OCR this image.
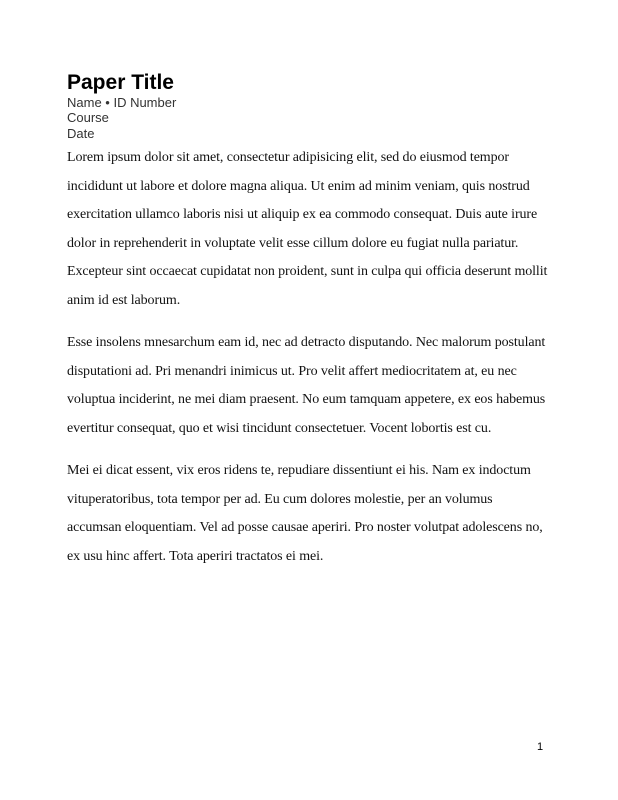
Paper Title
Name • ID Number
Course
Date
Lorem ipsum dolor sit amet, consectetur adipisicing elit, sed do eiusmod tempor
incididunt ut labore et dolore magna aliqua. Ut enim ad minim veniam, quis nostrud
exercitation ullamco laboris nisi ut aliquip ex ea commodo consequat. Duis aute irure
dolor in reprehenderit in voluptate velit esse cillum dolore eu fugiat nulla pariatur.
Excepteur sint occaecat cupidatat non proident, sunt in culpa qui officia deserunt mollit
anim id est laborum.
Esse insolens mnesarchum eam id, nec ad detracto disputando. Nec malorum postulant
disputationi ad. Pri menandri inimicus ut. Pro velit affert mediocritatem at, eu nec
voluptua inciderint, ne mei diam praesent. No eum tamquam appetere, ex eos habemus
evertitur consequat, quo et wisi tincidunt consectetuer. Vocent lobortis est cu.
Mei ei dicat essent, vix eros ridens te, repudiare dissentiunt ei his. Nam ex indoctum
vituperatoribus, tota tempor per ad. Eu cum dolores molestie, per an volumus
accumsan eloquentiam. Vel ad posse causae aperiri. Pro noster volutpat adolescens no,
ex usu hinc affert. Tota aperiri tractatos ei mei.
1
